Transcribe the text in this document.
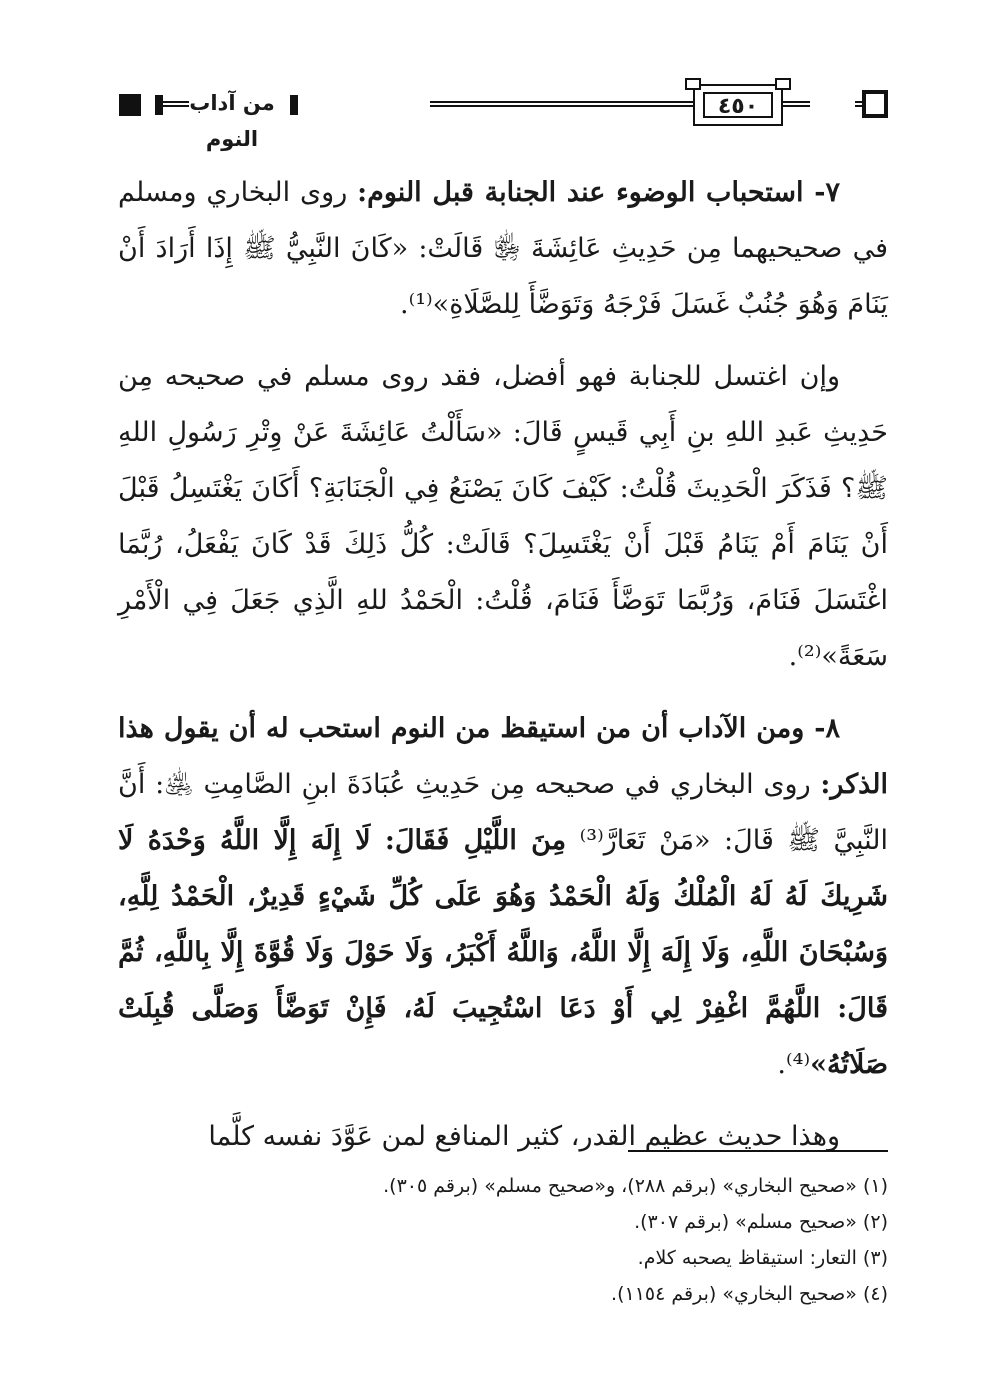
من آداب النوم
٤٥٠

٧- استحباب الوضوء عند الجنابة قبل النوم: روى البخاري ومسلم في صحيحيهما مِن حَدِيثِ عَائِشَةَ ﵂ قَالَتْ: «كَانَ النَّبِيُّ ﷺ إِذَا أَرَادَ أَنْ يَنَامَ وَهُوَ جُنُبٌ غَسَلَ فَرْجَهُ وَتَوَضَّأَ لِلصَّلَاةِ»⁽¹⁾.

وإن اغتسل للجنابة فهو أفضل، فقد روى مسلم في صحيحه مِن حَدِيثِ عَبدِ اللهِ بنِ أَبِي قَيسٍ قَالَ: «سَأَلْتُ عَائِشَةَ عَنْ وِتْرِ رَسُولِ اللهِ ﷺ؟ فَذَكَرَ الْحَدِيثَ قُلْتُ: كَيْفَ كَانَ يَصْنَعُ فِي الْجَنَابَةِ؟ أَكَانَ يَغْتَسِلُ قَبْلَ أَنْ يَنَامَ أَمْ يَنَامُ قَبْلَ أَنْ يَغْتَسِلَ؟ قَالَتْ: كُلُّ ذَلِكَ قَدْ كَانَ يَفْعَلُ، رُبَّمَا اغْتَسَلَ فَنَامَ، وَرُبَّمَا تَوَضَّأَ فَنَامَ، قُلْتُ: الْحَمْدُ للهِ الَّذِي جَعَلَ فِي الْأَمْرِ سَعَةً»⁽²⁾.

٨- ومن الآداب أن من استيقظ من النوم استحب له أن يقول هذا الذكر: روى البخاري في صحيحه مِن حَدِيثِ عُبَادَةَ ابنِ الصَّامِتِ ﵁: أَنَّ النَّبِيَّ ﷺ قَالَ: «مَنْ تَعَارَّ⁽³⁾ مِنَ اللَّيْلِ فَقَالَ: لَا إِلَهَ إِلَّا اللَّهُ وَحْدَهُ لَا شَرِيكَ لَهُ لَهُ الْمُلْكُ وَلَهُ الْحَمْدُ وَهُوَ عَلَى كُلِّ شَيْءٍ قَدِيرٌ، الْحَمْدُ لِلَّهِ، وَسُبْحَانَ اللَّهِ، وَلَا إِلَهَ إِلَّا اللَّهُ، وَاللَّهُ أَكْبَرُ، وَلَا حَوْلَ وَلَا قُوَّةَ إِلَّا بِاللَّهِ، ثُمَّ قَالَ: اللَّهُمَّ اغْفِرْ لِي أَوْ دَعَا اسْتُجِيبَ لَهُ، فَإِنْ تَوَضَّأَ وَصَلَّى قُبِلَتْ صَلَاتُهُ»⁽⁴⁾.

وهذا حديث عظيم القدر، كثير المنافع لمن عَوَّدَ نفسه كلَّما

(١) «صحيح البخاري» (برقم ٢٨٨)، و«صحيح مسلم» (برقم ٣٠٥).
(٢) «صحيح مسلم» (برقم ٣٠٧).
(٣) التعار: استيقاظ يصحبه كلام.
(٤) «صحيح البخاري» (برقم ١١٥٤).
